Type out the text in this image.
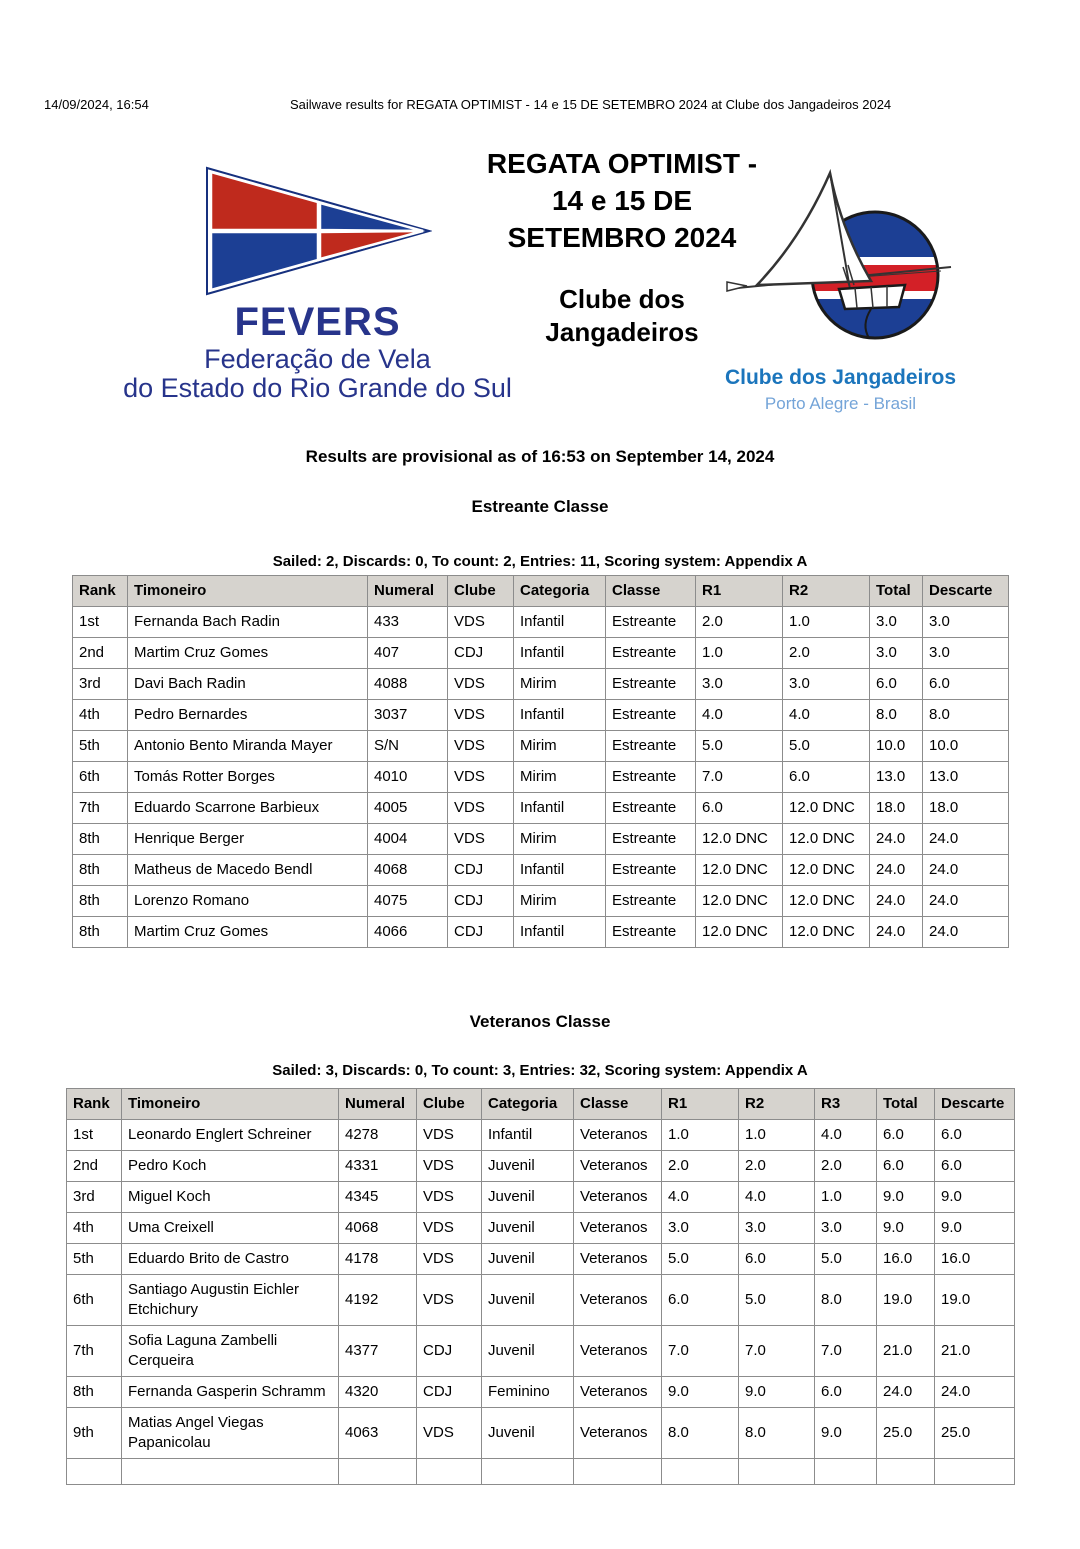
14/09/2024, 16:54	Sailwave results for REGATA OPTIMIST - 14 e 15 DE SETEMBRO 2024 at Clube dos Jangadeiros 2024
FEVERS
Federação de Vela
do Estado do Rio Grande do Sul
REGATA OPTIMIST - 14 e 15 DE SETEMBRO 2024
Clube dos Jangadeiros
Clube dos Jangadeiros
Porto Alegre - Brasil
Results are provisional as of 16:53 on September 14, 2024
Estreante Classe
Sailed: 2, Discards: 0, To count: 2, Entries: 11, Scoring system: Appendix A
Rank	Timoneiro	Numeral	Clube	Categoria	Classe	R1	R2	Total	Descarte
1st	Fernanda Bach Radin	433	VDS	Infantil	Estreante	2.0	1.0	3.0	3.0
2nd	Martim Cruz Gomes	407	CDJ	Infantil	Estreante	1.0	2.0	3.0	3.0
3rd	Davi Bach Radin	4088	VDS	Mirim	Estreante	3.0	3.0	6.0	6.0
4th	Pedro Bernardes	3037	VDS	Infantil	Estreante	4.0	4.0	8.0	8.0
5th	Antonio Bento Miranda Mayer	S/N	VDS	Mirim	Estreante	5.0	5.0	10.0	10.0
6th	Tomás Rotter Borges	4010	VDS	Mirim	Estreante	7.0	6.0	13.0	13.0
7th	Eduardo Scarrone Barbieux	4005	VDS	Infantil	Estreante	6.0	12.0 DNC	18.0	18.0
8th	Henrique Berger	4004	VDS	Mirim	Estreante	12.0 DNC	12.0 DNC	24.0	24.0
8th	Matheus de Macedo Bendl	4068	CDJ	Infantil	Estreante	12.0 DNC	12.0 DNC	24.0	24.0
8th	Lorenzo Romano	4075	CDJ	Mirim	Estreante	12.0 DNC	12.0 DNC	24.0	24.0
8th	Martim Cruz Gomes	4066	CDJ	Infantil	Estreante	12.0 DNC	12.0 DNC	24.0	24.0
Veteranos Classe
Sailed: 3, Discards: 0, To count: 3, Entries: 32, Scoring system: Appendix A
Rank	Timoneiro	Numeral	Clube	Categoria	Classe	R1	R2	R3	Total	Descarte
1st	Leonardo Englert Schreiner	4278	VDS	Infantil	Veteranos	1.0	1.0	4.0	6.0	6.0
2nd	Pedro Koch	4331	VDS	Juvenil	Veteranos	2.0	2.0	2.0	6.0	6.0
3rd	Miguel Koch	4345	VDS	Juvenil	Veteranos	4.0	4.0	1.0	9.0	9.0
4th	Uma Creixell	4068	VDS	Juvenil	Veteranos	3.0	3.0	3.0	9.0	9.0
5th	Eduardo Brito de Castro	4178	VDS	Juvenil	Veteranos	5.0	6.0	5.0	16.0	16.0
6th	Santiago Augustin Eichler Etchichury	4192	VDS	Juvenil	Veteranos	6.0	5.0	8.0	19.0	19.0
7th	Sofia Laguna Zambelli Cerqueira	4377	CDJ	Juvenil	Veteranos	7.0	7.0	7.0	21.0	21.0
8th	Fernanda Gasperin Schramm	4320	CDJ	Feminino	Veteranos	9.0	9.0	6.0	24.0	24.0
9th	Matias Angel Viegas Papanicolau	4063	VDS	Juvenil	Veteranos	8.0	8.0	9.0	25.0	25.0
